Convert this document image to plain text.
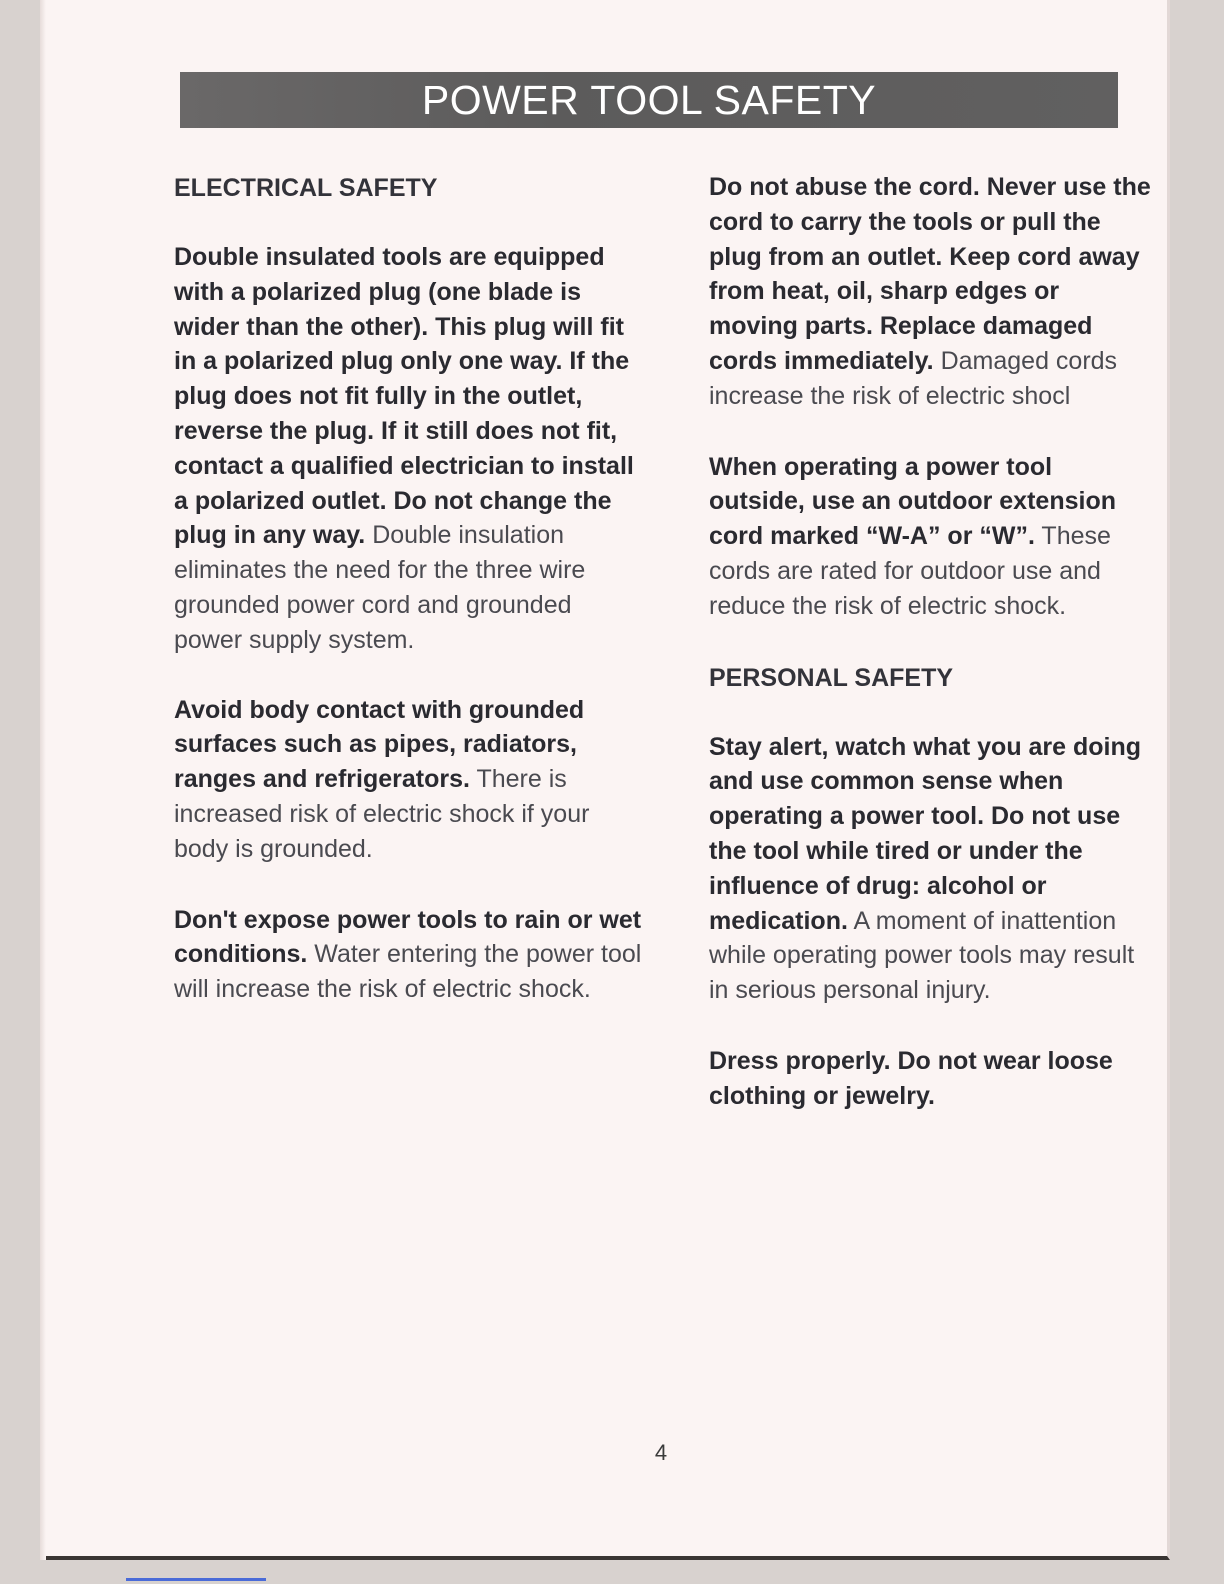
POWER TOOL SAFETY
ELECTRICAL SAFETY

Double insulated tools are equipped with a polarized plug (one blade is wider than the other). This plug will fit in a polarized plug only one way. If the plug does not fit fully in the outlet, reverse the plug. If it still does not fit, contact a qualified electrician to install a polarized outlet. Do not change the plug in any way. Double insulation eliminates the need for the three wire grounded power cord and grounded power supply system.

Avoid body contact with grounded surfaces such as pipes, radiators, ranges and refrigerators. There is increased risk of electric shock if your body is grounded.

Don't expose power tools to rain or wet conditions. Water entering the power tool will increase the risk of electric shock.

Do not abuse the cord. Never use the cord to carry the tools or pull the plug from an outlet. Keep cord away from heat, oil, sharp edges or moving parts. Replace damaged cords immediately. Damaged cords increase the risk of electric shocl

When operating a power tool outside, use an outdoor extension cord marked “W-A” or “W”. These cords are rated for outdoor use and reduce the risk of electric shock.

PERSONAL SAFETY

Stay alert, watch what you are doing and use common sense when operating a power tool. Do not use the tool while tired or under the influence of drug: alcohol or medication. A moment of inattention while operating power tools may result in serious personal injury.

Dress properly. Do not wear loose clothing or jewelry.

4
